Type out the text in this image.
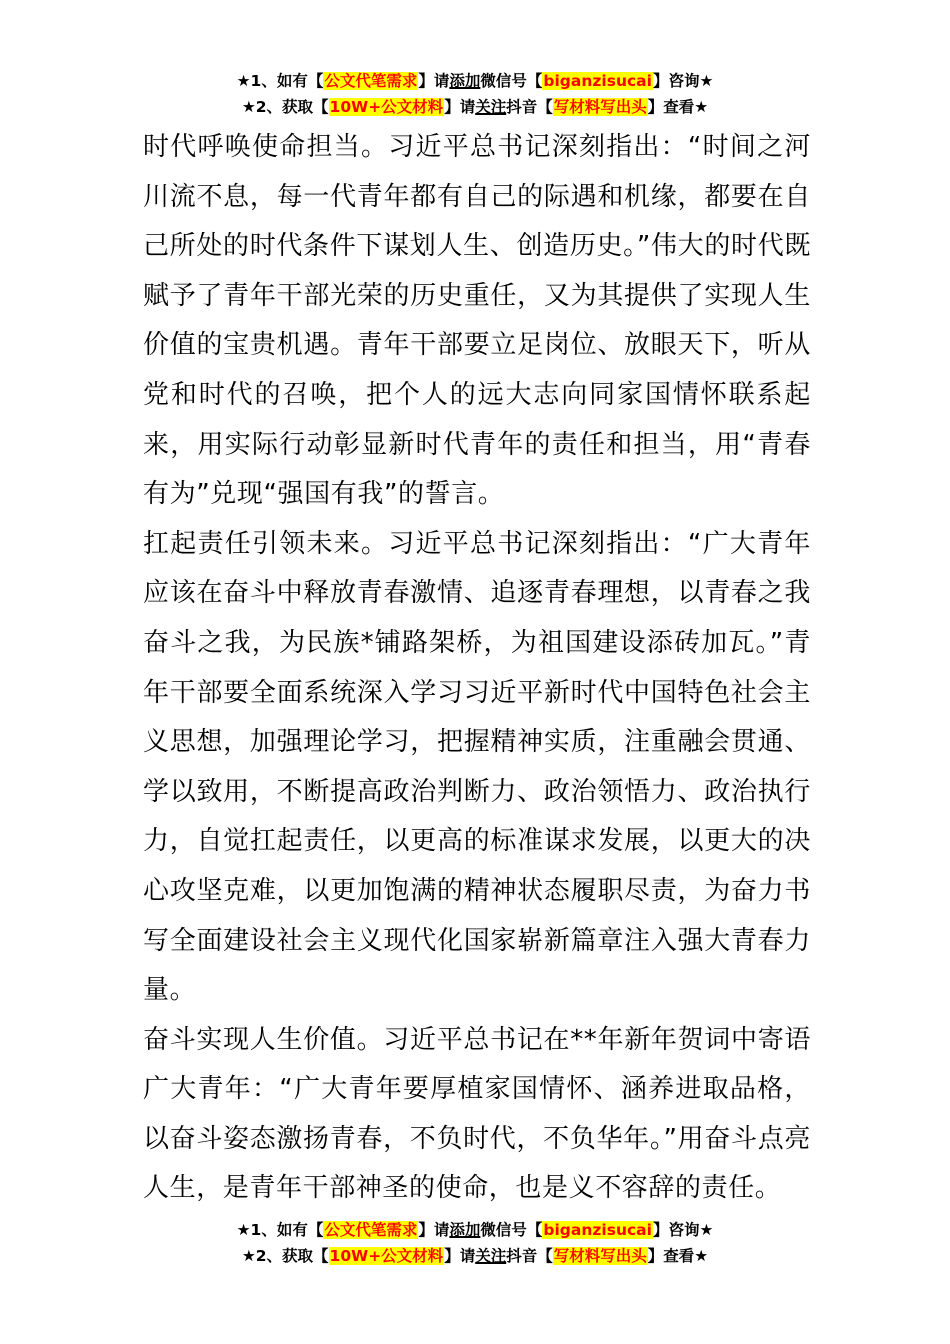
★1、如有【公文代笔需求】请添加微信号【biganzisucai】咨询★
★2、获取【10W+公文材料】请关注抖音【写材料写出头】查看★

时代呼唤使命担当。习近平总书记深刻指出：“时间之河川流不息，每一代青年都有自己的际遇和机缘，都要在自己所处的时代条件下谋划人生、创造历史。”伟大的时代既赋予了青年干部光荣的历史重任，又为其提供了实现人生价值的宝贵机遇。青年干部要立足岗位、放眼天下，听从党和时代的召唤，把个人的远大志向同家国情怀联系起来，用实际行动彰显新时代青年的责任和担当，用“青春有为”兑现“强国有我”的誓言。

扛起责任引领未来。习近平总书记深刻指出：“广大青年应该在奋斗中释放青春激情、追逐青春理想，以青春之我奋斗之我，为民族*铺路架桥，为祖国建设添砖加瓦。”青年干部要全面系统深入学习习近平新时代中国特色社会主义思想，加强理论学习，把握精神实质，注重融会贯通、学以致用，不断提高政治判断力、政治领悟力、政治执行力，自觉扛起责任，以更高的标准谋求发展，以更大的决心攻坚克难，以更加饱满的精神状态履职尽责，为奋力书写全面建设社会主义现代化国家崭新篇章注入强大青春力量。

奋斗实现人生价值。习近平总书记在**年新年贺词中寄语广大青年：“广大青年要厚植家国情怀、涵养进取品格，以奋斗姿态激扬青春，不负时代，不负华年。”用奋斗点亮人生，是青年干部神圣的使命，也是义不容辞的责任。

★1、如有【公文代笔需求】请添加微信号【biganzisucai】咨询★
★2、获取【10W+公文材料】请关注抖音【写材料写出头】查看★
